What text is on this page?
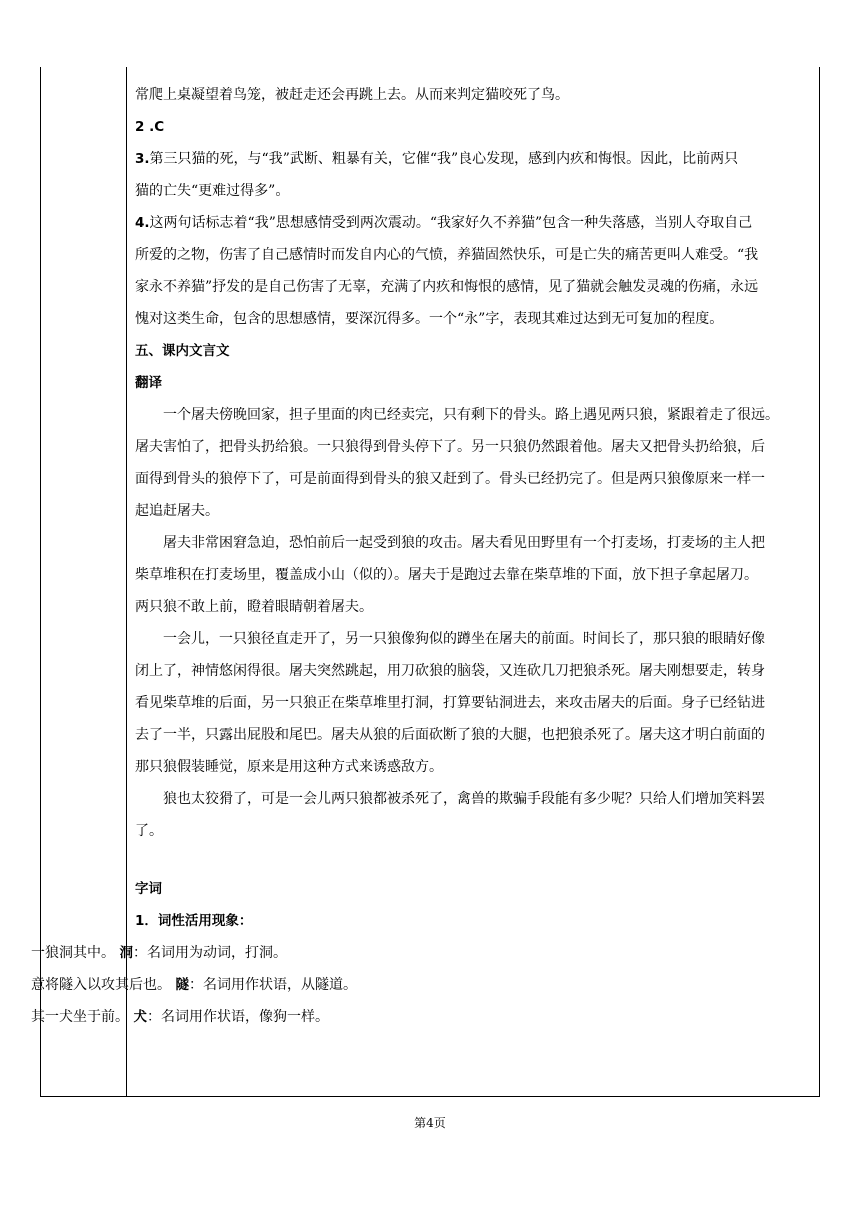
常爬上桌凝望着鸟笼，被赶走还会再跳上去。从而来判定猫咬死了鸟。

2 .C

3.第三只猫的死，与“我”武断、粗暴有关，它催“我”良心发现，感到内疚和悔恨。因此，比前两只

猫的亡失“更难过得多”。

4.这两句话标志着“我”思想感情受到两次震动。“我家好久不养猫”包含一种失落感，当别人夺取自己

所爱的之物，伤害了自己感情时而发自内心的气愤，养猫固然快乐，可是亡失的痛苦更叫人难受。“我

家永不养猫”抒发的是自己伤害了无辜，充满了内疚和悔恨的感情，见了猫就会触发灵魂的伤痛，永远

愧对这类生命，包含的思想感情，要深沉得多。一个“永”字，表现其难过达到无可复加的程度。

五、课内文言文

翻译

一个屠夫傍晚回家，担子里面的肉已经卖完，只有剩下的骨头。路上遇见两只狼，紧跟着走了很远。

屠夫害怕了，把骨头扔给狼。一只狼得到骨头停下了。另一只狼仍然跟着他。屠夫又把骨头扔给狼，后

面得到骨头的狼停下了，可是前面得到骨头的狼又赶到了。骨头已经扔完了。但是两只狼像原来一样一

起追赶屠夫。

屠夫非常困窘急迫，恐怕前后一起受到狼的攻击。屠夫看见田野里有一个打麦场，打麦场的主人把

柴草堆积在打麦场里，覆盖成小山（似的）。屠夫于是跑过去靠在柴草堆的下面，放下担子拿起屠刀。

两只狼不敢上前，瞪着眼睛朝着屠夫。

一会儿，一只狼径直走开了，另一只狼像狗似的蹲坐在屠夫的前面。时间长了，那只狼的眼睛好像

闭上了，神情悠闲得很。屠夫突然跳起，用刀砍狼的脑袋，又连砍几刀把狼杀死。屠夫刚想要走，转身

看见柴草堆的后面，另一只狼正在柴草堆里打洞，打算要钻洞进去，来攻击屠夫的后面。身子已经钻进

去了一半，只露出屁股和尾巴。屠夫从狼的后面砍断了狼的大腿，也把狼杀死了。屠夫这才明白前面的

那只狼假装睡觉，原来是用这种方式来诱惑敌方。

狼也太狡猾了，可是一会儿两只狼都被杀死了，禽兽的欺骗手段能有多少呢？只给人们增加笑料罢

了。

字词

1．词性活用现象：

一狼洞其中。 洞：名词用为动词，打洞。

意将隧入以攻其后也。 隧：名词用作状语，从隧道。

其一犬坐于前。 犬：名词用作状语，像狗一样。

第4页
